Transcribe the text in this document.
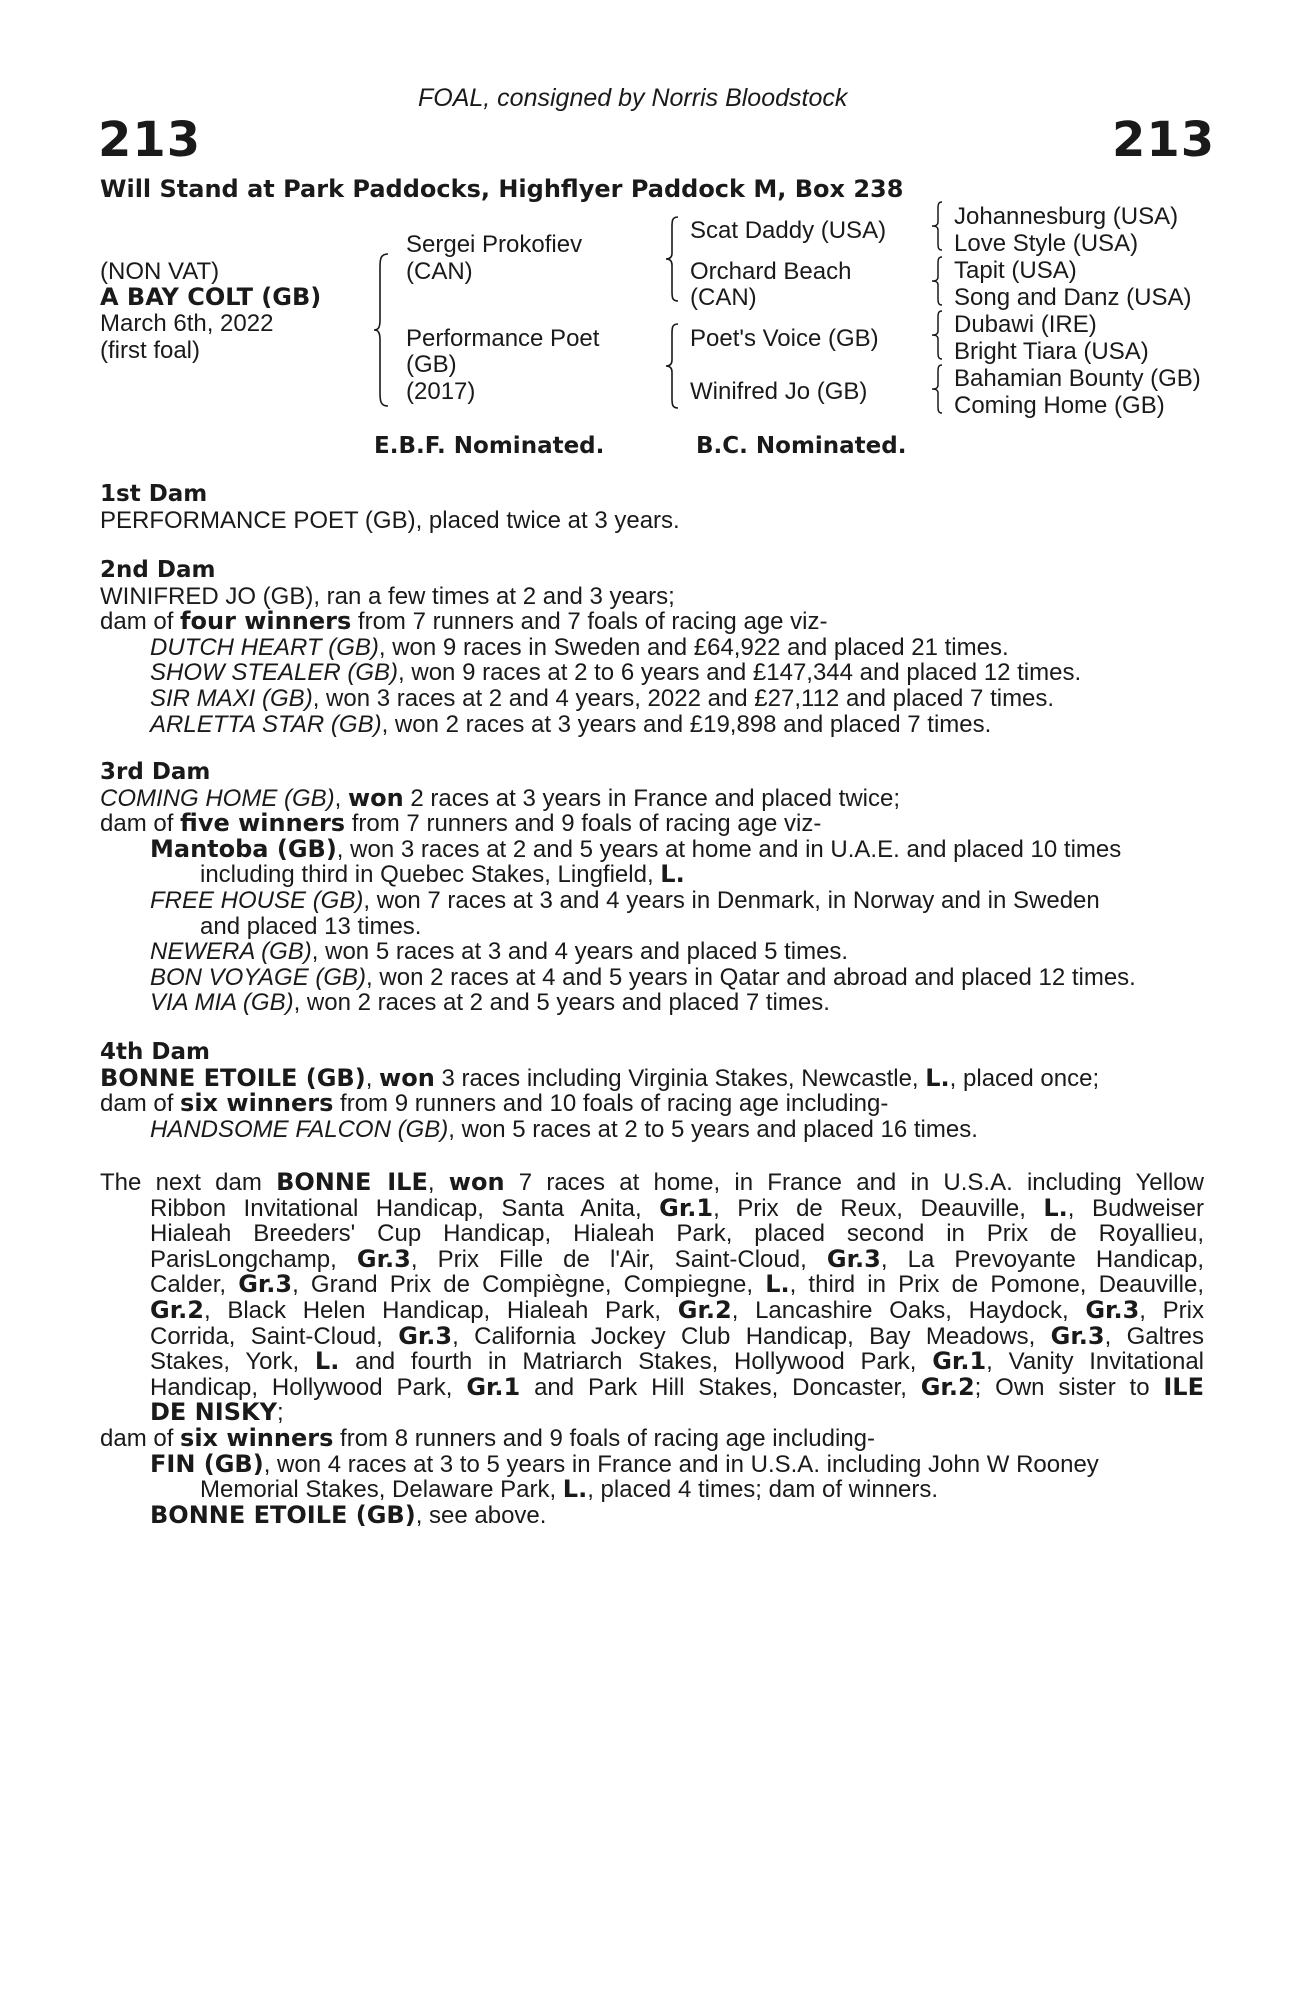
FOAL, consigned by Norris Bloodstock
213	213
Will Stand at Park Paddocks, Highflyer Paddock M, Box 238
(NON VAT)
A BAY COLT (GB)
March 6th, 2022
(first foal)
Sergei Prokofiev
(CAN)
Performance Poet
(GB)
(2017)
Scat Daddy (USA)
Orchard Beach
(CAN)
Poet's Voice (GB)
Winifred Jo (GB)
Johannesburg (USA)
Love Style (USA)
Tapit (USA)
Song and Danz (USA)
Dubawi (IRE)
Bright Tiara (USA)
Bahamian Bounty (GB)
Coming Home (GB)
E.B.F. Nominated.	B.C. Nominated.
1st Dam
PERFORMANCE POET (GB), placed twice at 3 years.
2nd Dam
WINIFRED JO (GB), ran a few times at 2 and 3 years;
dam of four winners from 7 runners and 7 foals of racing age viz-
DUTCH HEART (GB), won 9 races in Sweden and £64,922 and placed 21 times.
SHOW STEALER (GB), won 9 races at 2 to 6 years and £147,344 and placed 12 times.
SIR MAXI (GB), won 3 races at 2 and 4 years, 2022 and £27,112 and placed 7 times.
ARLETTA STAR (GB), won 2 races at 3 years and £19,898 and placed 7 times.
3rd Dam
COMING HOME (GB), won 2 races at 3 years in France and placed twice;
dam of five winners from 7 runners and 9 foals of racing age viz-
Mantoba (GB), won 3 races at 2 and 5 years at home and in U.A.E. and placed 10 times
including third in Quebec Stakes, Lingfield, L.
FREE HOUSE (GB), won 7 races at 3 and 4 years in Denmark, in Norway and in Sweden
and placed 13 times.
NEWERA (GB), won 5 races at 3 and 4 years and placed 5 times.
BON VOYAGE (GB), won 2 races at 4 and 5 years in Qatar and abroad and placed 12 times.
VIA MIA (GB), won 2 races at 2 and 5 years and placed 7 times.
4th Dam
BONNE ETOILE (GB), won 3 races including Virginia Stakes, Newcastle, L., placed once;
dam of six winners from 9 runners and 10 foals of racing age including-
HANDSOME FALCON (GB), won 5 races at 2 to 5 years and placed 16 times.
The next dam BONNE ILE, won 7 races at home, in France and in U.S.A. including Yellow
Ribbon Invitational Handicap, Santa Anita, Gr.1, Prix de Reux, Deauville, L., Budweiser
Hialeah Breeders' Cup Handicap, Hialeah Park, placed second in Prix de Royallieu,
ParisLongchamp, Gr.3, Prix Fille de l'Air, Saint-Cloud, Gr.3, La Prevoyante Handicap,
Calder, Gr.3, Grand Prix de Compiègne, Compiegne, L., third in Prix de Pomone, Deauville,
Gr.2, Black Helen Handicap, Hialeah Park, Gr.2, Lancashire Oaks, Haydock, Gr.3, Prix
Corrida, Saint-Cloud, Gr.3, California Jockey Club Handicap, Bay Meadows, Gr.3, Galtres
Stakes, York, L. and fourth in Matriarch Stakes, Hollywood Park, Gr.1, Vanity Invitational
Handicap, Hollywood Park, Gr.1 and Park Hill Stakes, Doncaster, Gr.2; Own sister to ILE
DE NISKY;
dam of six winners from 8 runners and 9 foals of racing age including-
FIN (GB), won 4 races at 3 to 5 years in France and in U.S.A. including John W Rooney
Memorial Stakes, Delaware Park, L., placed 4 times; dam of winners.
BONNE ETOILE (GB), see above.
